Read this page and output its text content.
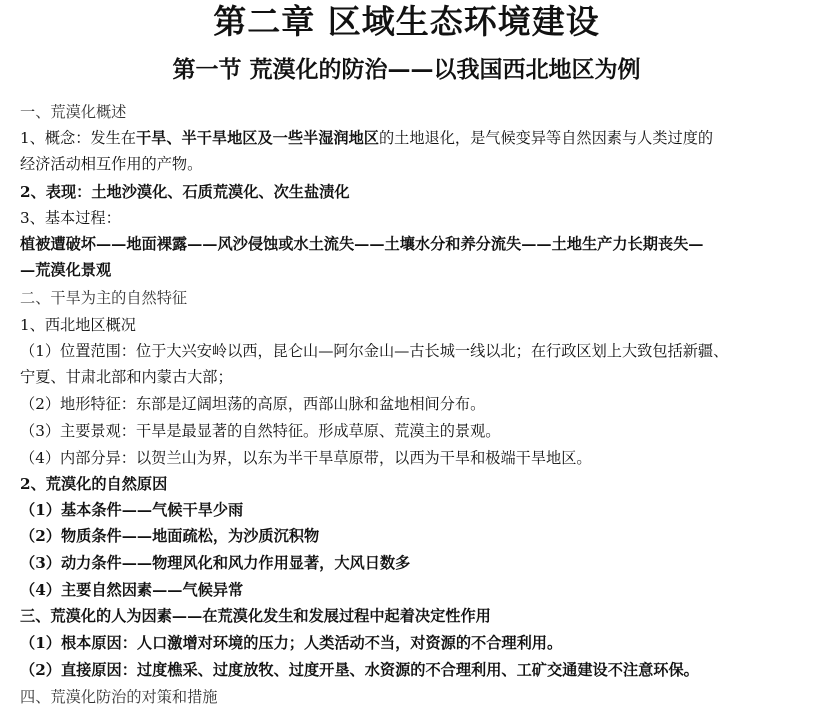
第二章 区域生态环境建设
第一节 荒漠化的防治——以我国西北地区为例
一、荒漠化概述
1、概念：发生在干旱、半干旱地区及一些半湿润地区的土地退化，是气候变异等自然因素与人类过度的
经济活动相互作用的产物。
2、表现：土地沙漠化、石质荒漠化、次生盐渍化
3、基本过程：
植被遭破坏——地面裸露——风沙侵蚀或水土流失——土壤水分和养分流失——土地生产力长期丧失—
—荒漠化景观
二、干旱为主的自然特征
1、西北地区概况
（1）位置范围：位于大兴安岭以西，昆仑山—阿尔金山—古长城一线以北；在行政区划上大致包括新疆、
宁夏、甘肃北部和内蒙古大部；
（2）地形特征：东部是辽阔坦荡的高原，西部山脉和盆地相间分布。
（3）主要景观：干旱是最显著的自然特征。形成草原、荒漠主的景观。
（4）内部分异：以贺兰山为界，以东为半干旱草原带，以西为干旱和极端干旱地区。
2、荒漠化的自然原因
（1）基本条件——气候干旱少雨
（2）物质条件——地面疏松，为沙质沉积物
（3）动力条件——物理风化和风力作用显著，大风日数多
（4）主要自然因素——气候异常
三、荒漠化的人为因素——在荒漠化发生和发展过程中起着决定性作用
（1）根本原因：人口激增对环境的压力；人类活动不当，对资源的不合理利用。
（2）直接原因：过度樵采、过度放牧、过度开垦、水资源的不合理利用、工矿交通建设不注意环保。
四、荒漠化防治的对策和措施
